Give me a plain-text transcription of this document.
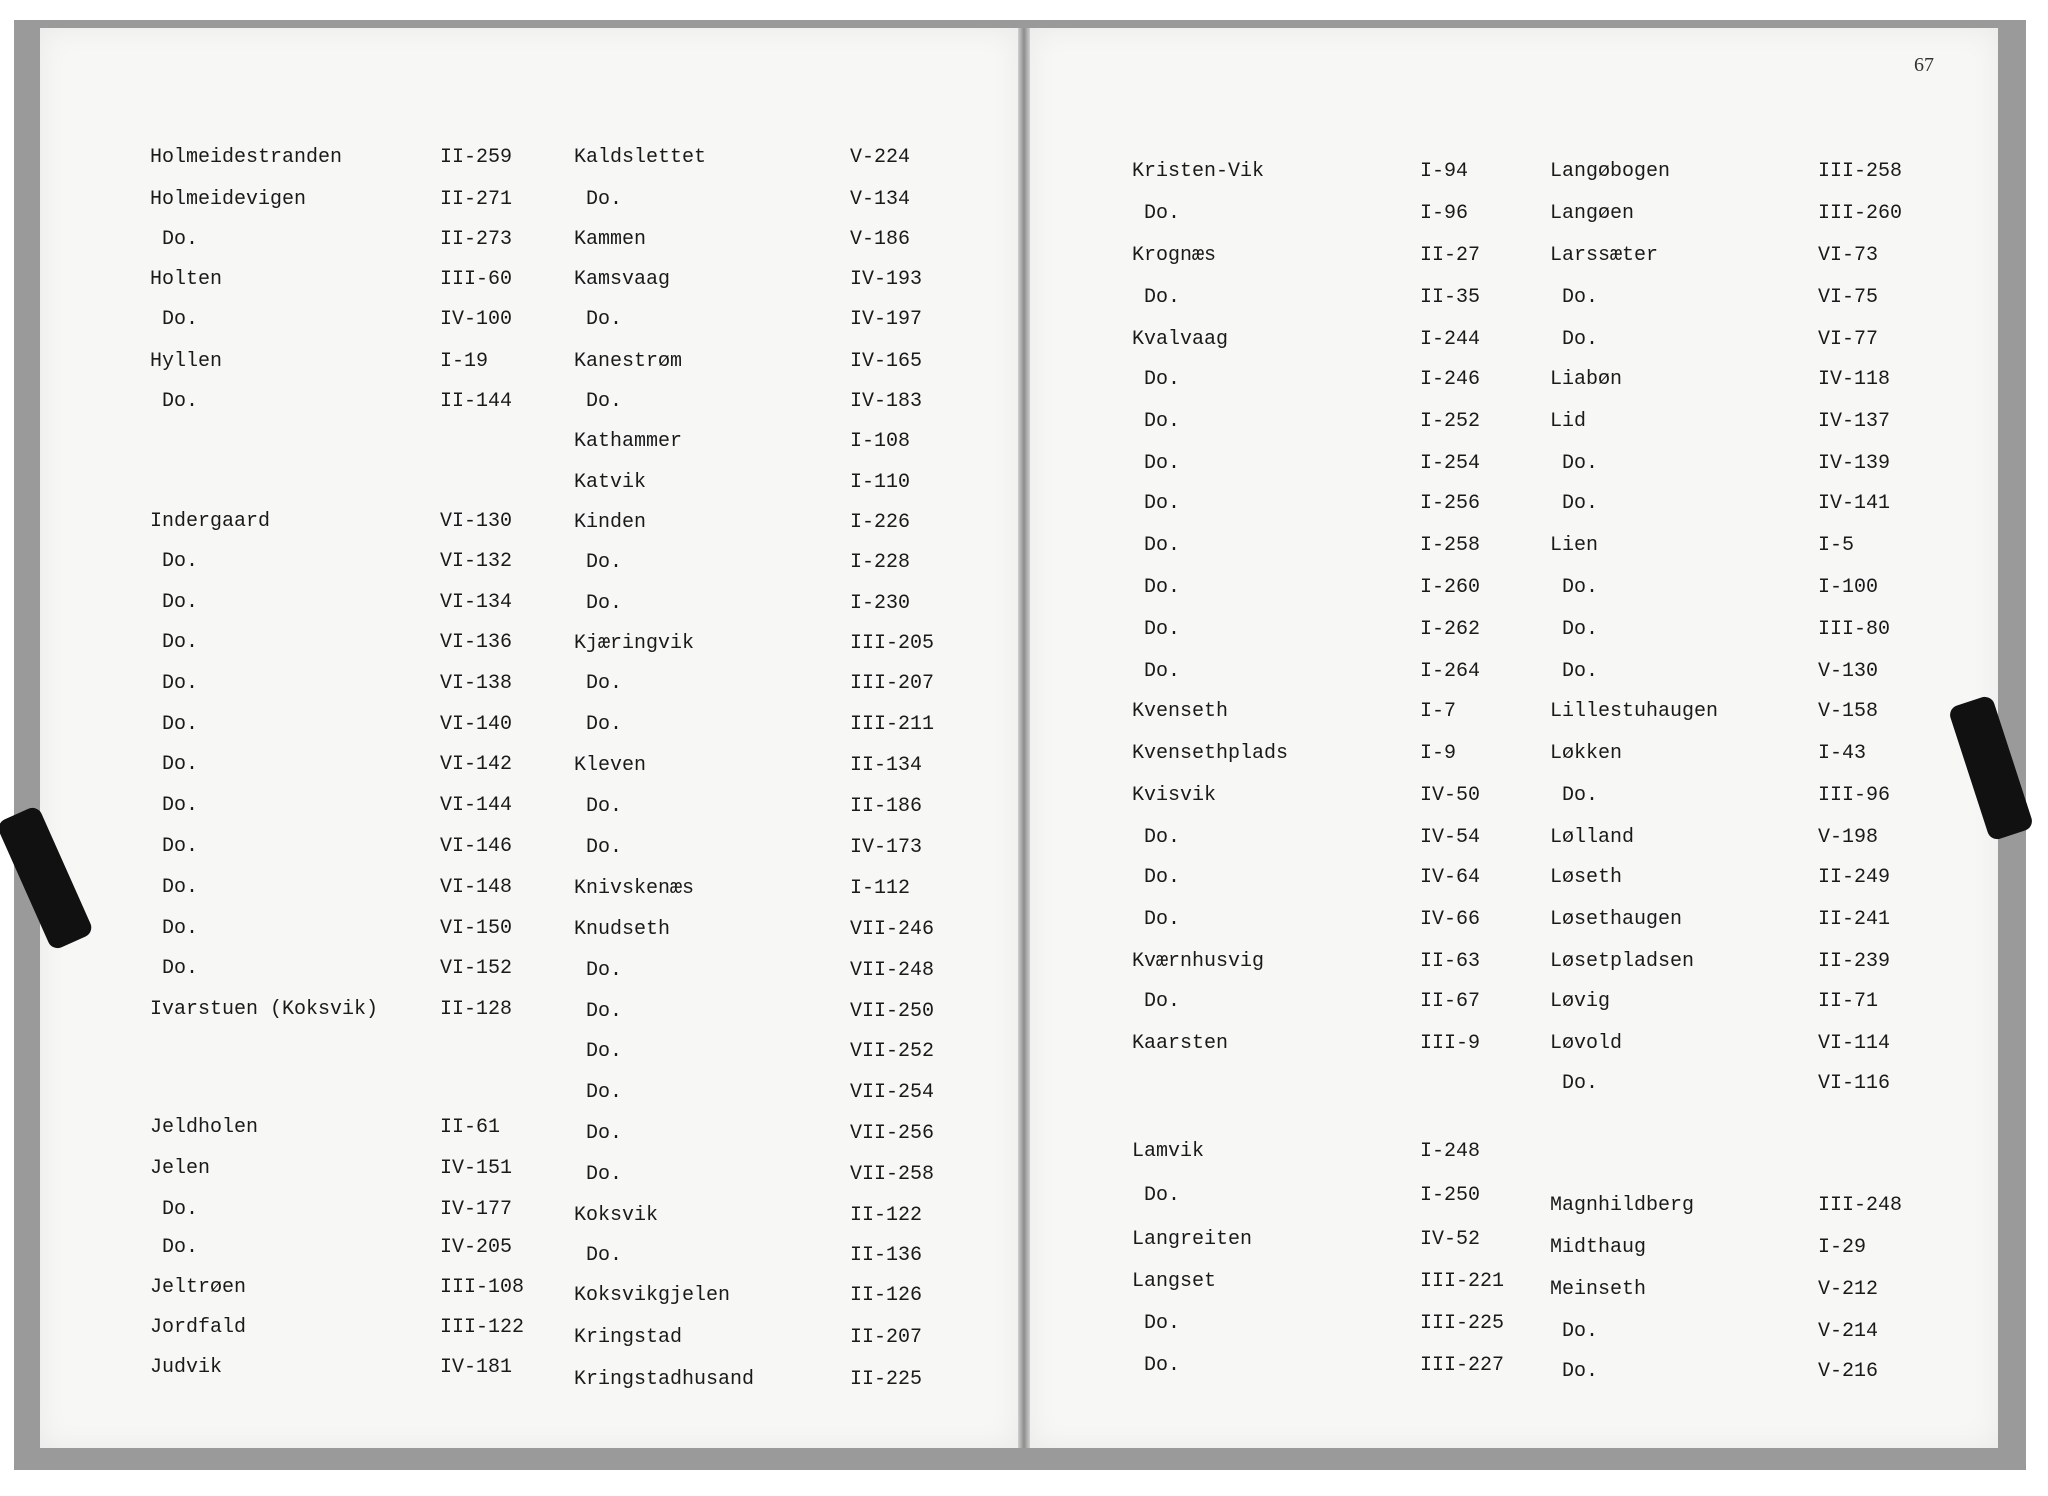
67
Holmeidestranden	II-259
Holmeidevigen	II-271
Do.	II-273
Holten	III-60
Do.	IV-100
Hyllen	I-19
Do.	II-144
Indergaard	VI-130
Do.	VI-132
Do.	VI-134
Do.	VI-136
Do.	VI-138
Do.	VI-140
Do.	VI-142
Do.	VI-144
Do.	VI-146
Do.	VI-148
Do.	VI-150
Do.	VI-152
Ivarstuen (Koksvik)	II-128
Jeldholen	II-61
Jelen	IV-151
Do.	IV-177
Do.	IV-205
Jeltrøen	III-108
Jordfald	III-122
Judvik	IV-181
Kaldslettet	V-224
Do.	V-134
Kammen	V-186
Kamsvaag	IV-193
Do.	IV-197
Kanestrøm	IV-165
Do.	IV-183
Kathammer	I-108
Katvik	I-110
Kinden	I-226
Do.	I-228
Do.	I-230
Kjæringvik	III-205
Do.	III-207
Do.	III-211
Kleven	II-134
Do.	II-186
Do.	IV-173
Knivskenæs	I-112
Knudseth	VII-246
Do.	VII-248
Do.	VII-250
Do.	VII-252
Do.	VII-254
Do.	VII-256
Do.	VII-258
Koksvik	II-122
Do.	II-136
Koksvikgjelen	II-126
Kringstad	II-207
Kringstadhusand	II-225
Kristen-Vik	I-94
Do.	I-96
Krognæs	II-27
Do.	II-35
Kvalvaag	I-244
Do.	I-246
Do.	I-252
Do.	I-254
Do.	I-256
Do.	I-258
Do.	I-260
Do.	I-262
Do.	I-264
Kvenseth	I-7
Kvensethplads	I-9
Kvisvik	IV-50
Do.	IV-54
Do.	IV-64
Do.	IV-66
Kværnhusvig	II-63
Do.	II-67
Kaarsten	III-9
Lamvik	I-248
Do.	I-250
Langreiten	IV-52
Langset	III-221
Do.	III-225
Do.	III-227
Langøbogen	III-258
Langøen	III-260
Larssæter	VI-73
Do.	VI-75
Do.	VI-77
Liabøn	IV-118
Lid	IV-137
Do.	IV-139
Do.	IV-141
Lien	I-5
Do.	I-100
Do.	III-80
Do.	V-130
Lillestuhaugen	V-158
Løkken	I-43
Do.	III-96
Lølland	V-198
Løseth	II-249
Løsethaugen	II-241
Løsetpladsen	II-239
Løvig	II-71
Løvold	VI-114
Do.	VI-116
Magnhildberg	III-248
Midthaug	I-29
Meinseth	V-212
Do.	V-214
Do.	V-216
